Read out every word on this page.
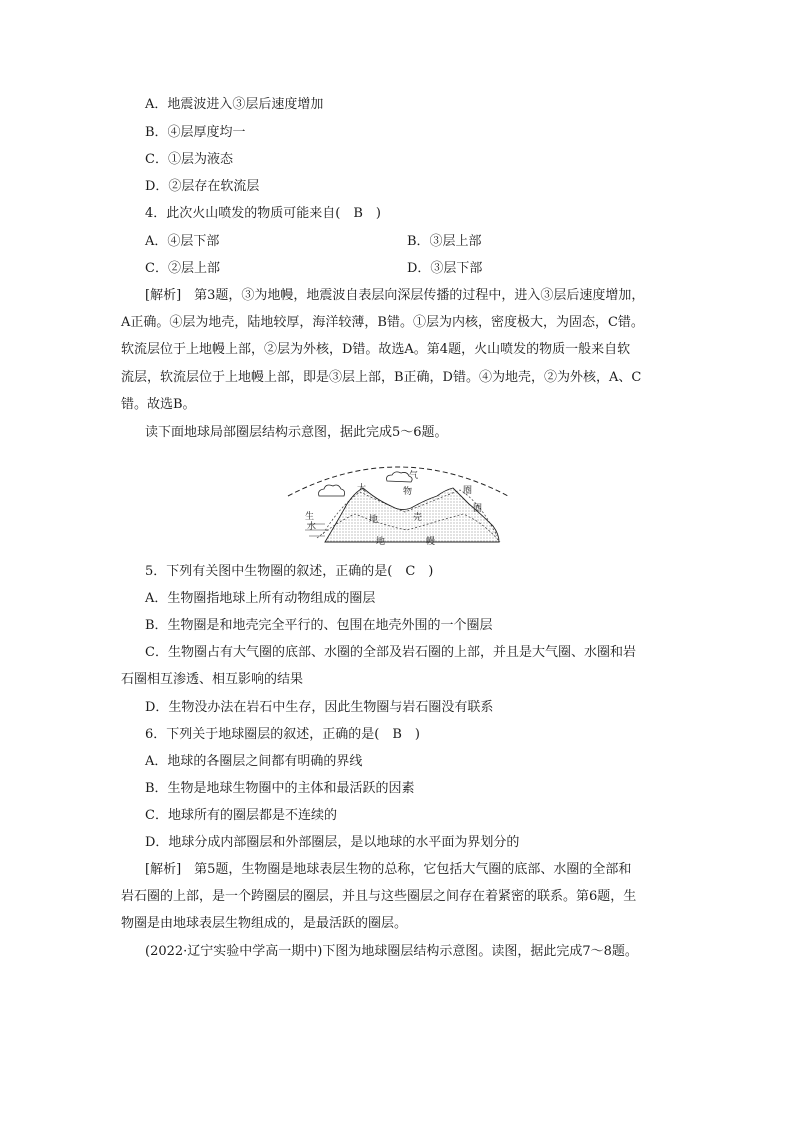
A．地震波进入③层后速度增加
B．④层厚度均一
C．①层为液态
D．②层存在软流层
4．此次火山喷发的物质可能来自(　B　)
A．④层下部	B．③层上部
C．②层上部	D．③层下部
[解析]　第3题，③为地幔，地震波自表层向深层传播的过程中，进入③层后速度增加，
A正确。④层为地壳，陆地较厚，海洋较薄，B错。①层为内核，密度极大，为固态，C错。
软流层位于上地幔上部，②层为外核，D错。故选A。第4题，火山喷发的物质一般来自软
流层，软流层位于上地幔上部，即是③层上部，B正确，D错。④为地壳，②为外核，A、C
错。故选B。
读下面地球局部圈层结构示意图，据此完成5～6题。
大
气
物	圈
生
水
地	壳
圈
地	幔
5．下列有关图中生物圈的叙述，正确的是(　C　)
A．生物圈指地球上所有动物组成的圈层
B．生物圈是和地壳完全平行的、包围在地壳外围的一个圈层
C．生物圈占有大气圈的底部、水圈的全部及岩石圈的上部，并且是大气圈、水圈和岩
石圈相互渗透、相互影响的结果
D．生物没办法在岩石中生存，因此生物圈与岩石圈没有联系
6．下列关于地球圈层的叙述，正确的是(　B　)
A．地球的各圈层之间都有明确的界线
B．生物是地球生物圈中的主体和最活跃的因素
C．地球所有的圈层都是不连续的
D．地球分成内部圈层和外部圈层，是以地球的水平面为界划分的
[解析]　第5题，生物圈是地球表层生物的总称，它包括大气圈的底部、水圈的全部和
岩石圈的上部，是一个跨圈层的圈层，并且与这些圈层之间存在着紧密的联系。第6题，生
物圈是由地球表层生物组成的，是最活跃的圈层。
(2022·辽宁实验中学高一期中)下图为地球圈层结构示意图。读图，据此完成7～8题。
